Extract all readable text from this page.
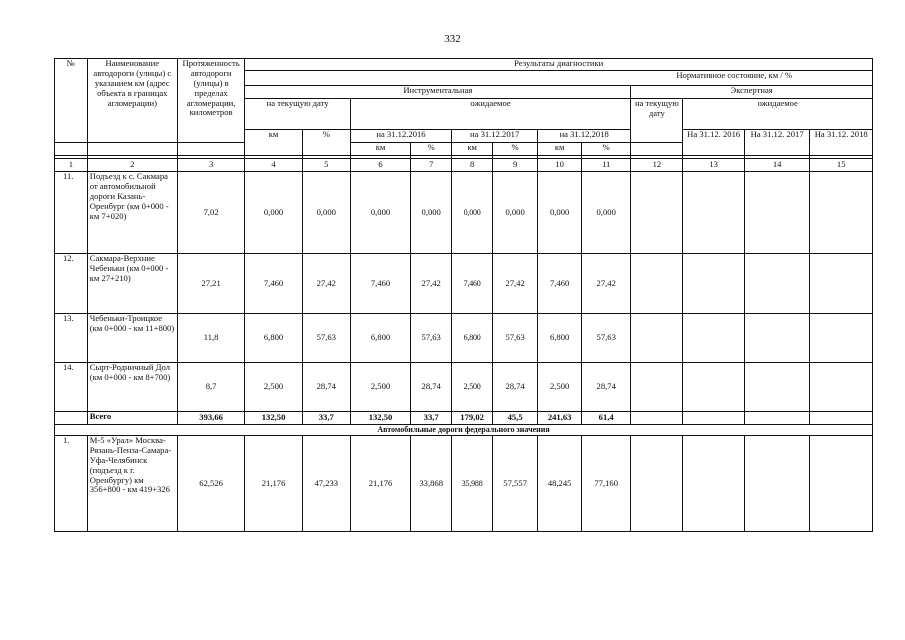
332
№	Наименование автодороги (улицы) с указанием км (адрес объекта в границах агломерации)	Протяженность автодороги (улицы) в пределах агломерации, километров	Результаты диагностики											
			Нормативное состояние, км / %											
			Инструментальная								Экспертная			
			на текущую дату		ожидаемое						на текущую дату	ожидаемое		
			км	%	на 31.12.2016		на 31.12.2017		на 31.12.2018			На 31.12. 2016	На 31.12. 2017	На 31.12. 2018
					км	%	км	%	км	%				

1	2	3	4	5	6	7	8	9	10	11	12	13	14	15
11.	Подъезд к с. Сакмара от автомобильной дороги Казань-Оренбург (км 0+000 - км 7+020)	7,02	0,000	0,000	0,000	0,000	0,000	0,000	0,000	0,000				
12.	Сакмара-Верхние Чебеньки (км 0+000 - км 27+210)	27,21	7,460	27,42	7,460	27,42	7,460	27,42	7,460	27,42				
13.	Чебеньки-Троицкое (км 0+000 - км 11+800)	11,8	6,800	57,63	6,800	57,63	6,800	57,63	6,800	57,63				
14.	Сырт-Родничный Дол (км 0+000 - км 8+700)	8,7	2,500	28,74	2,500	28,74	2,500	28,74	2,500	28,74				
	Всего	393,66	132,50	33,7	132,50	33,7	179,02	45,5	241,63	61,4				
Автомобильные дороги федерального значения														
1.	М-5 «Урал» Москва-Рязань-Пенза-Самара-Уфа-Челябинск (подъезд к г. Оренбургу) км 356+800 - км 419+326	62,526	21,176	47,233	21,176	33,868	35,988	57,557	48,245	77,160				
